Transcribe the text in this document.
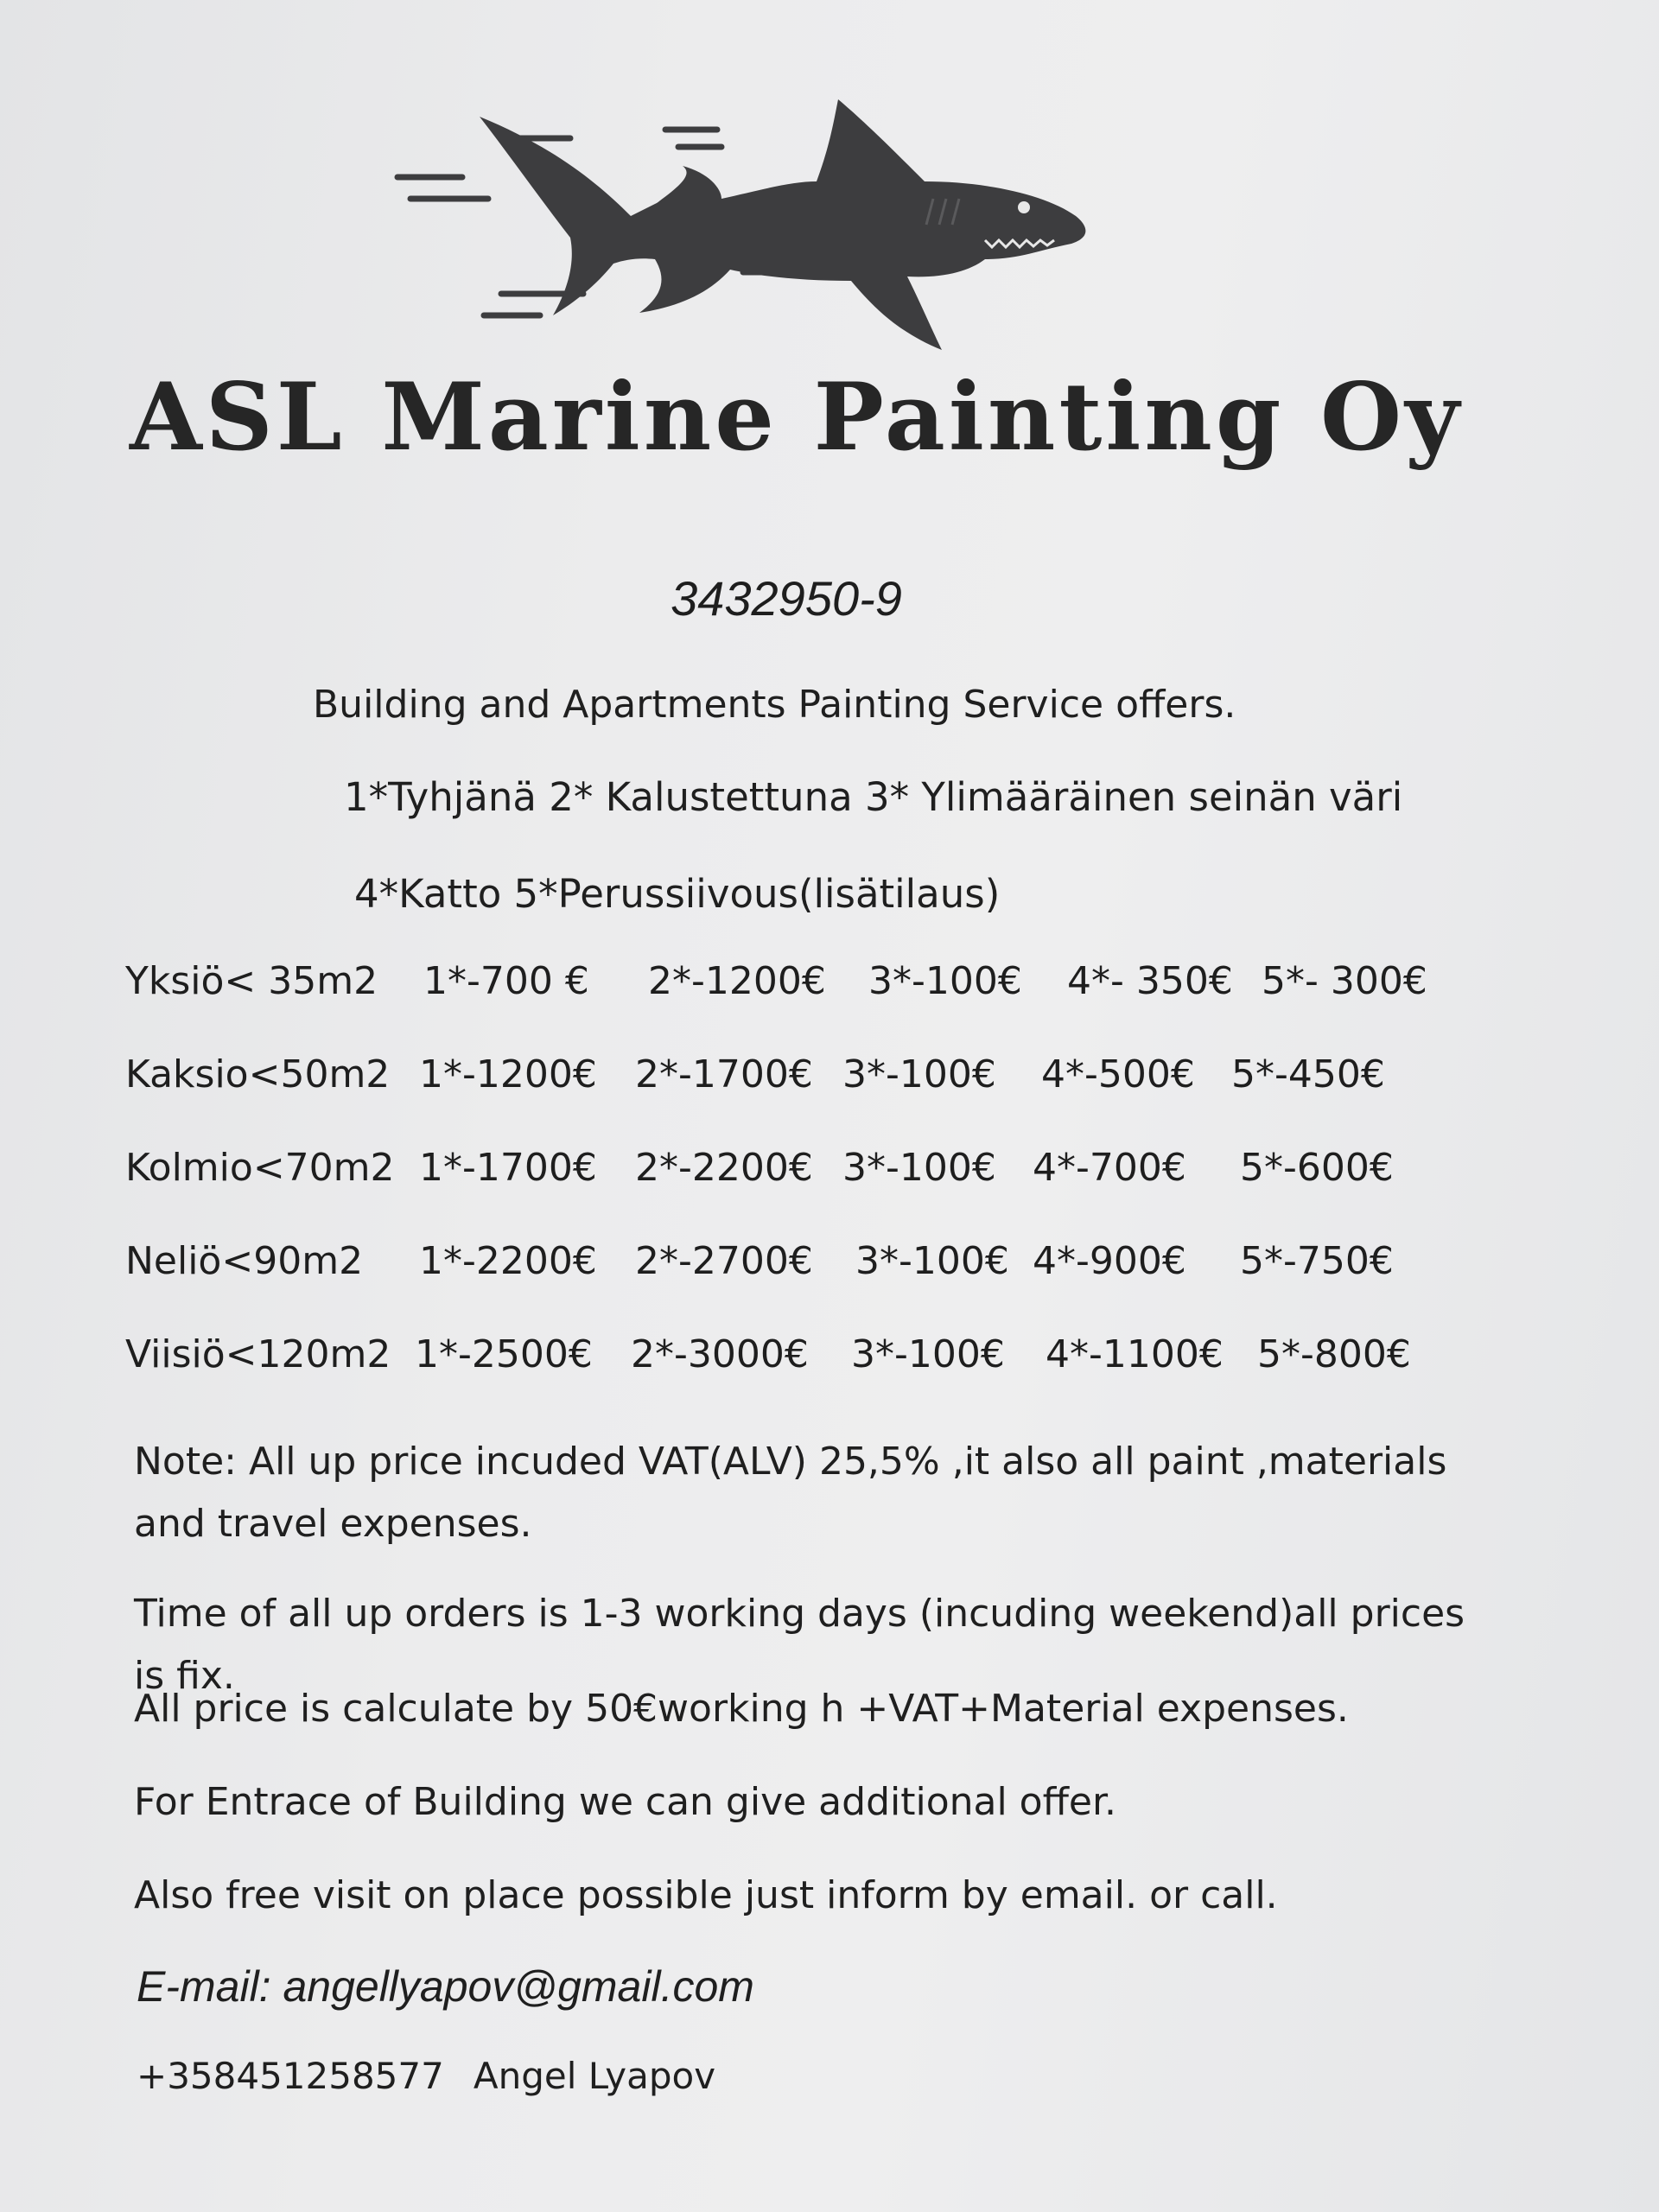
ASL Marine Painting Oy
3432950-9
Building and Apartments Painting Service offers.
1*Tyhjänä 2* Kalustettuna 3* Ylimääräinen seinän väri
4*Katto 5*Perussiivous(lisätilaus)
Yksiö< 35m2 1*-700 € 2*-1200€ 3*-100€ 4*- 350€ 5*- 300€
Kaksio<50m2 1*-1200€ 2*-1700€ 3*-100€ 4*-500€ 5*-450€
Kolmio<70m2 1*-1700€ 2*-2200€ 3*-100€ 4*-700€ 5*-600€
Neliö<90m2 1*-2200€ 2*-2700€ 3*-100€ 4*-900€ 5*-750€
Viisiö<120m2 1*-2500€ 2*-3000€ 3*-100€ 4*-1100€ 5*-800€
Note: All up price incuded VAT(ALV) 25,5% ,it also all paint ,materials and travel expenses.
Time of all up orders is 1-3 working days (incuding weekend)all prices is fix.
All price is calculate by 50€working h +VAT+Material expenses.
For Entrace of Building we can give additional offer.
Also free visit on place possible just inform by email. or call.
E-mail: angellyapov@gmail.com
+358451258577 Angel Lyapov
